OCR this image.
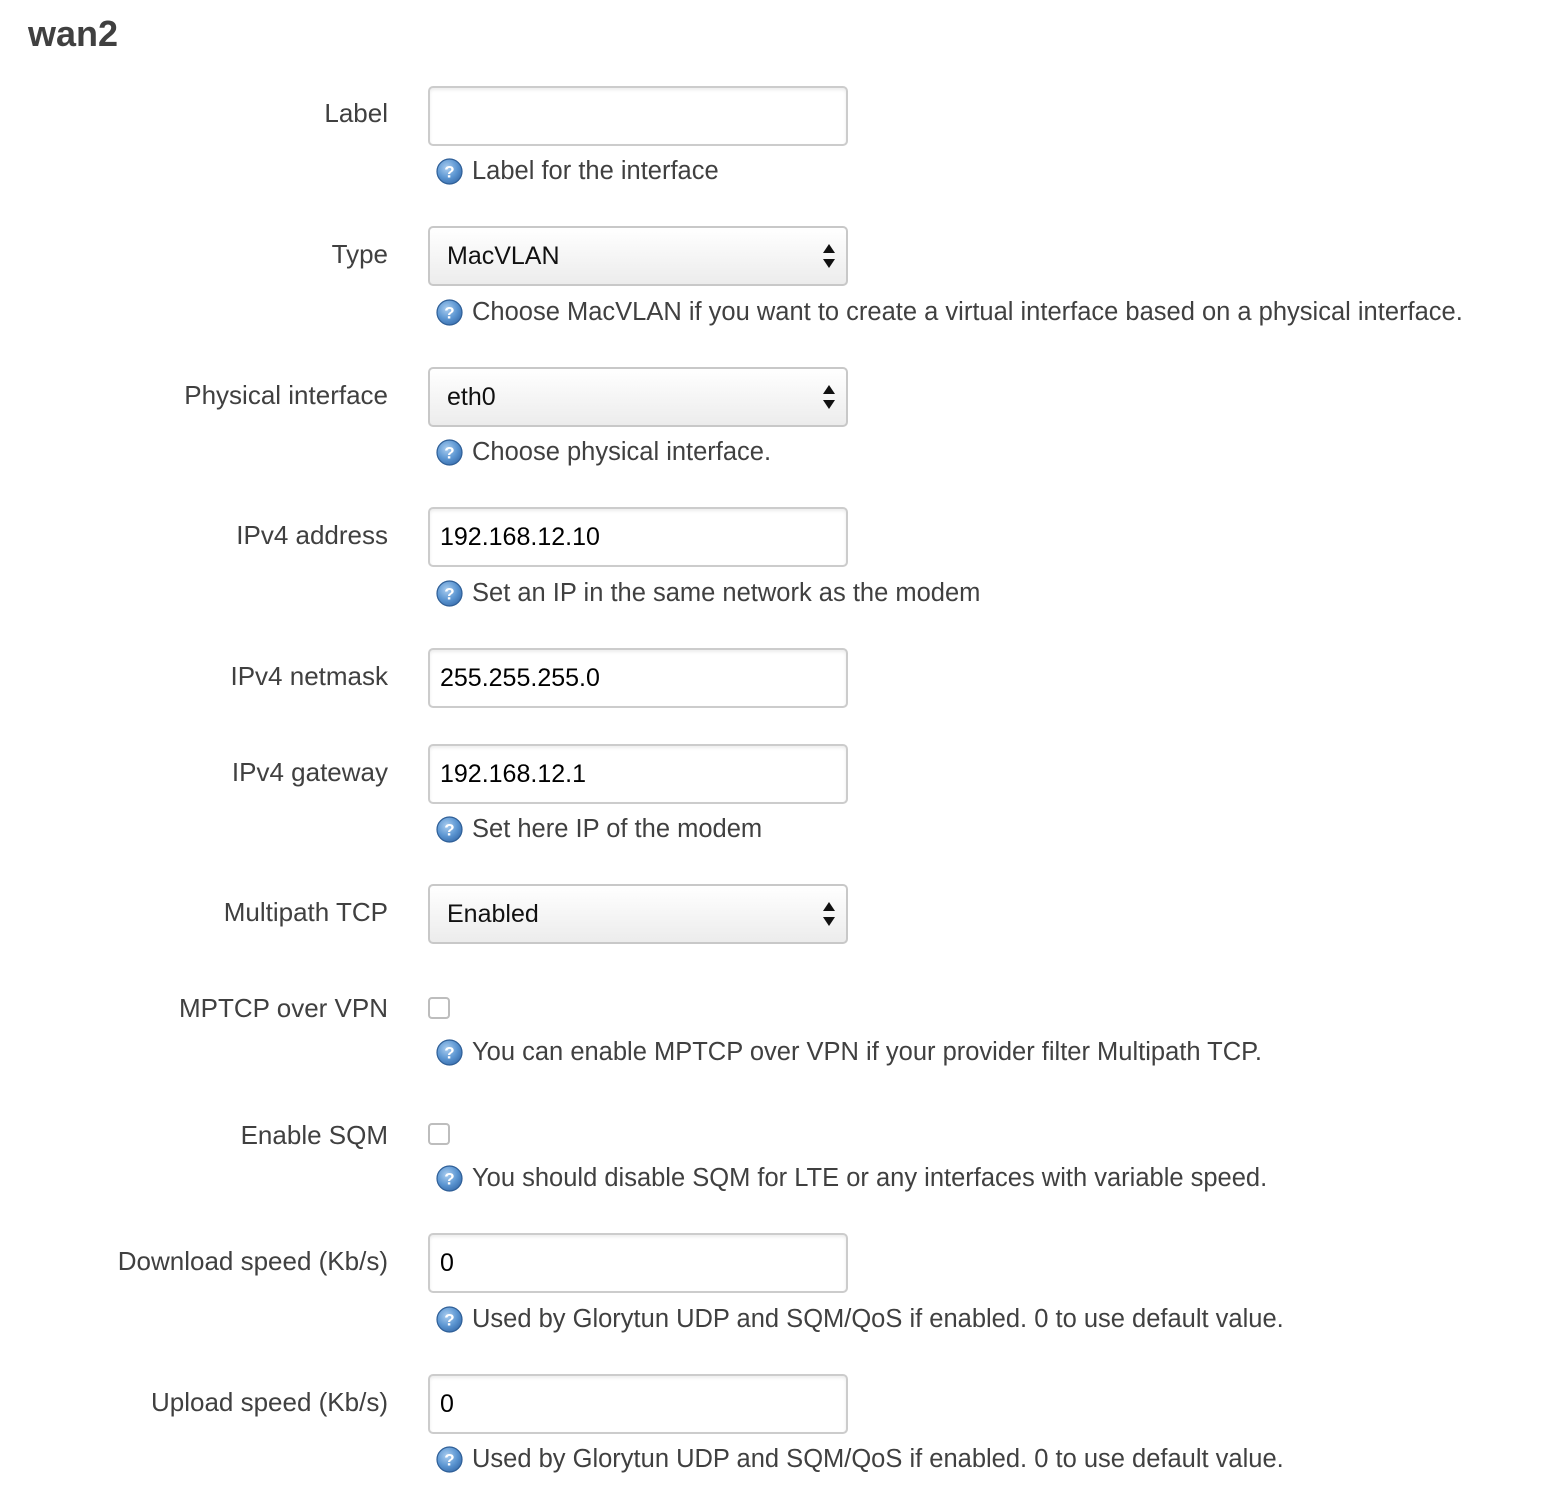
wan2
Label
Label for the interface
Type MacVLAN
Choose MacVLAN if you want to create a virtual interface based on a physical interface.
Physical interface eth0
Choose physical interface.
IPv4 address
192.168.12.10
Set an IP in the same network as the modem
IPv4 netmask
255.255.255.0
IPv4 gateway
192.168.12.1
Set here IP of the modem
Multipath TCP Enabled
MPTCP over VPN
You can enable MPTCP over VPN if your provider filter Multipath TCP.
Enable SQM
You should disable SQM for LTE or any interfaces with variable speed.
Download speed (Kb/s)
0
Used by Glorytun UDP and SQM/QoS if enabled. 0 to use default value.
Upload speed (Kb/s)
0
Used by Glorytun UDP and SQM/QoS if enabled. 0 to use default value.
